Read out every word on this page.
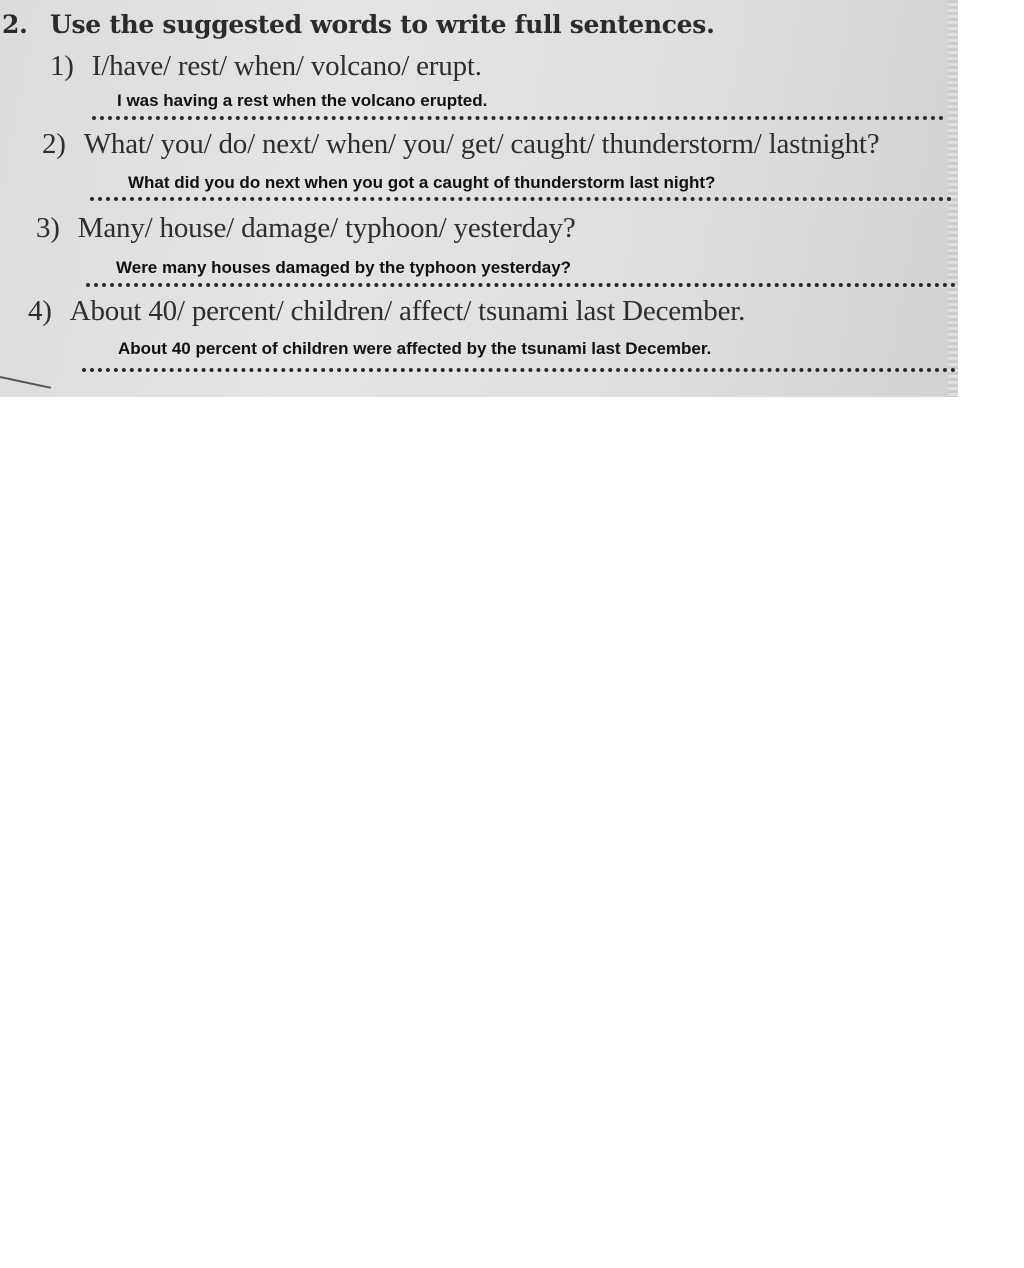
2. Use the suggested words to write full sentences.
1) I/have/ rest/ when/ volcano/ erupt.
I was having a rest when the volcano erupted.
2) What/ you/ do/ next/ when/ you/ get/ caught/ thunderstorm/ lastnight?
What did you do next when you got a caught of thunderstorm last night?
3) Many/ house/ damage/ typhoon/ yesterday?
Were many houses damaged by the typhoon yesterday?
4) About 40/ percent/ children/ affect/ tsunami last December.
About 40 percent of children were affected by the tsunami last December.
